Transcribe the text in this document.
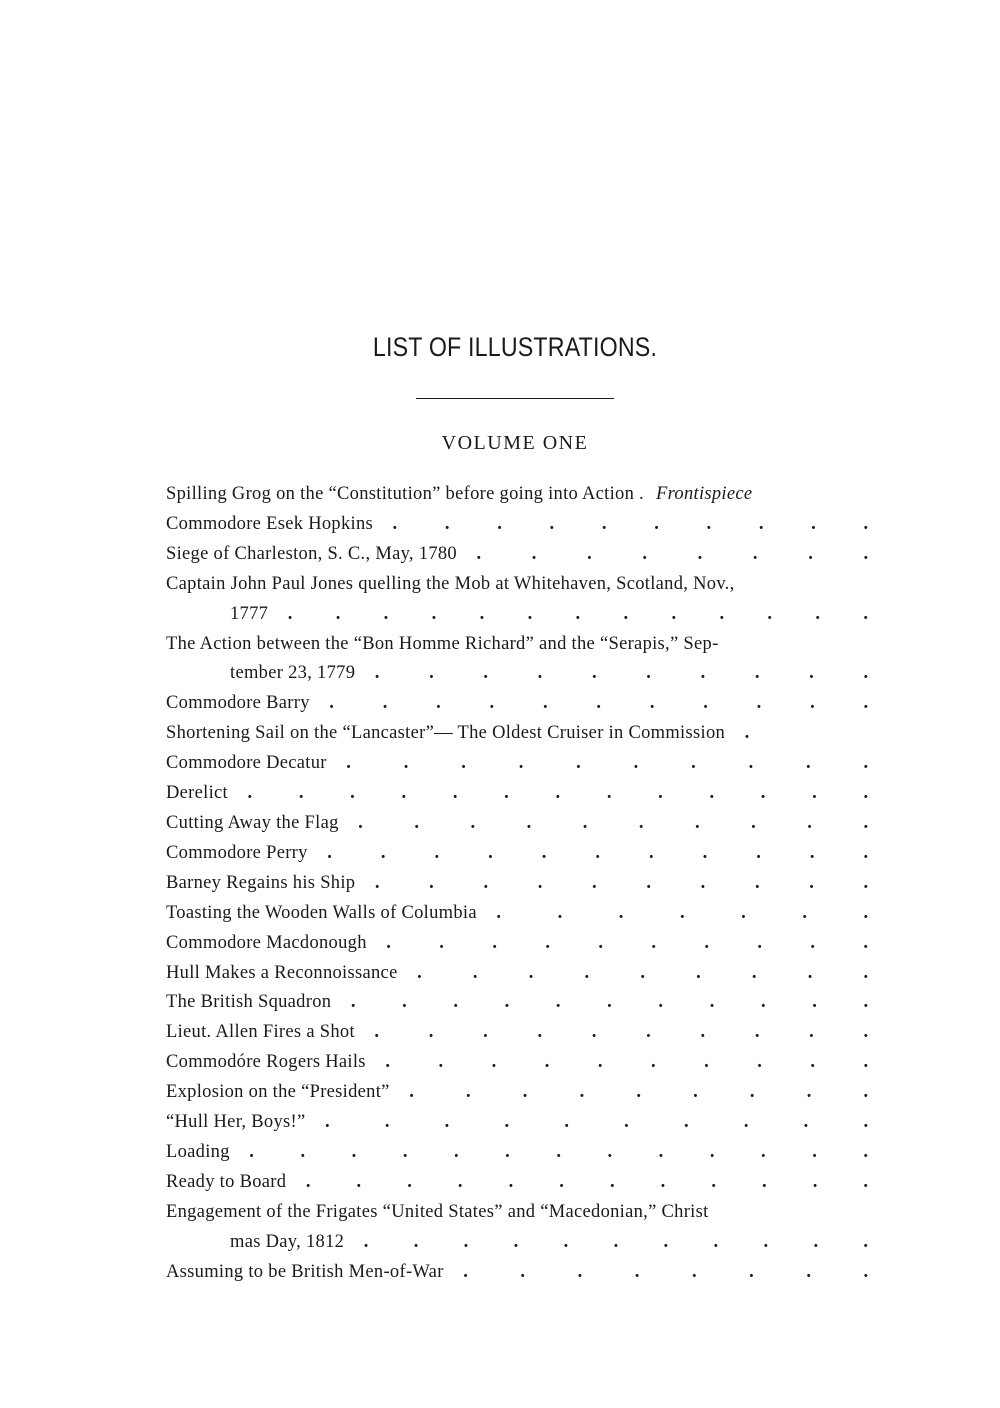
LIST OF ILLUSTRATIONS.
VOLUME ONE
Spilling Grog on the “Constitution” before going into Action . Frontispiece
Commodore Esek Hopkins .	.	.	.	.	.	.	.	.	.
Siege of Charleston, S. C., May, 1780 .	.	.	.	.	.	.	.
Captain John Paul Jones quelling the Mob at Whitehaven, Scotland, Nov.,
1777 . . . . . . . . . . . . .
The Action between the “Bon Homme Richard” and the “Serapis,” Sep-
tember 23, 1779 .	.	.	.	.	.	.	.	.	.
Commodore Barry .	.	.	.	.	.	.	.	.	.	.
Shortening Sail on the “Lancaster”— The Oldest Cruiser in Commission .
Commodore Decatur .	.	.	.	.	.	.	.	.	.
Derelict .	.	.	.	.	.	.	.	.	.	.	.	.
Cutting Away the Flag .	.	.	.	.	.	.	.	.	.
Commodore Perry .	.	.	.	.	.	.	.	.	.	.
Barney Regains his Ship .	.	.	.	.	.	.	.	.	.
Toasting the Wooden Walls of Columbia .	.	.	.	.	.	.
Commodore Macdonough .	.	.	.	.	.	.	.	.	.
Hull Makes a Reconnoissance .	.	.	.	.	.	.	.	.
The British Squadron .	.	.	.	.	.	.	.	.	.	.
Lieut. Allen Fires a Shot .	.	.	.	.	.	.	.	.	.
Commodóre Rogers Hails .	.	.	.	.	.	.	.	.	.
Explosion on the “President” .	.	.	.	.	.	.	.	.
“Hull Her, Boys!” .	.	.	.	.	.	.	.	.	.
Loading . . . . . . . . . . . . .
Ready to Board . . . . . . . . . . . .
Engagement of the Frigates “United States” and “Macedonian,” Christ
mas Day, 1812 . . . . . . . . . . .
Assuming to be British Men-of-War .	.	.	.	.	.	.	.
